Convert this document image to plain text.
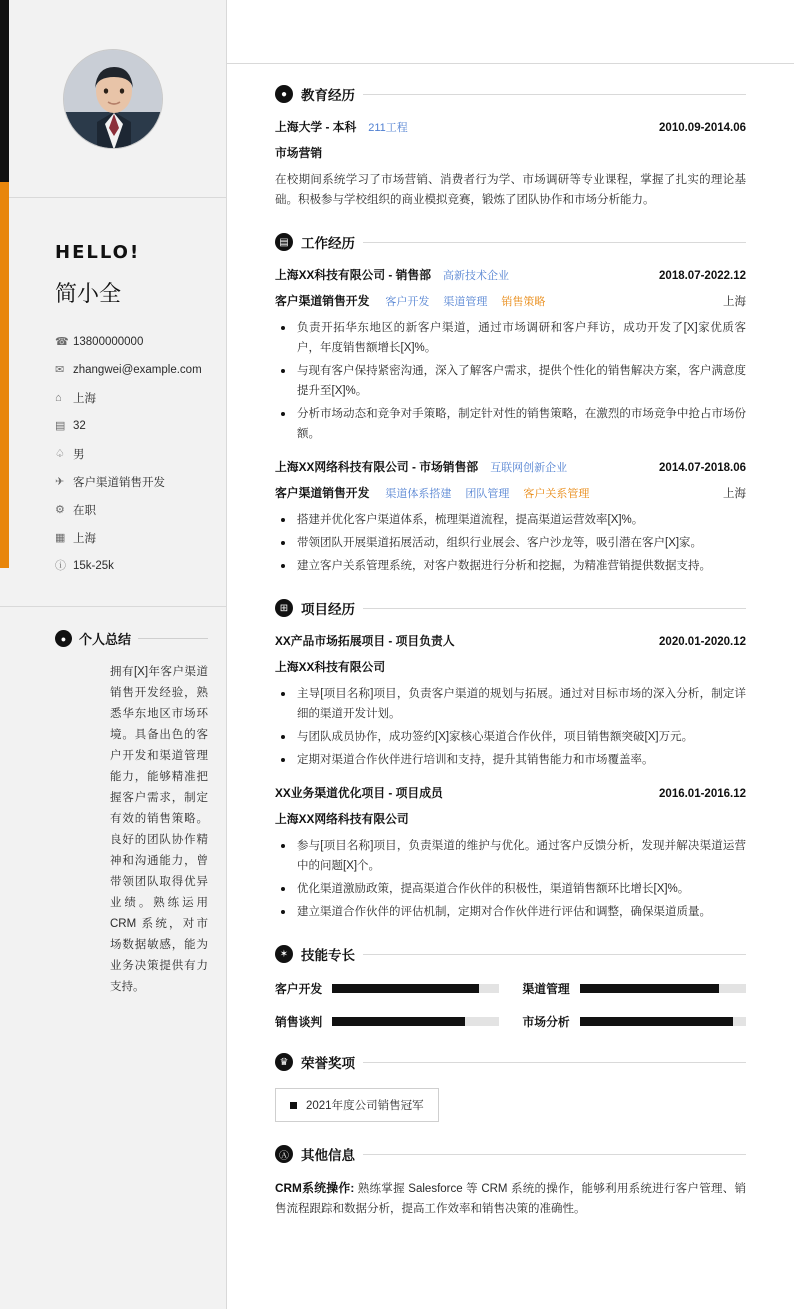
HELLO!
简小全
☎ 13800000000
✉ zhangwei@example.com
⌂ 上海
▤ 32
♤ 男
✈ 客户渠道销售开发
⚙ 在职
▦ 上海
ⓘ 15k-25k
● 个人总结
拥有[X]年客户渠道销售开发经验，熟悉华东地区市场环境。具备出色的客户开发和渠道管理能力，能够精准把握客户需求，制定有效的销售策略。良好的团队协作精神和沟通能力，曾带领团队取得优异业绩。熟练运用 CRM 系统，对市场数据敏感，能为业务决策提供有力支持。
●	教育经历
上海大学 - 本科 211工程	2010.09-2014.06
市场营销
在校期间系统学习了市场营销、消费者行为学、市场调研等专业课程，掌握了扎实的理论基础。积极参与学校组织的商业模拟竞赛，锻炼了团队协作和市场分析能力。
▤ 工作经历
上海XX科技有限公司 - 销售部 高新技术企业	2018.07-2022.12
客户渠道销售开发 客户开发 渠道管理 销售策略	上海
负责开拓华东地区的新客户渠道，通过市场调研和客户拜访，成功开发了[X]家优质客户，年度销售额增长[X]%。
与现有客户保持紧密沟通，深入了解客户需求，提供个性化的销售解决方案，客户满意度提升至[X]%。
分析市场动态和竞争对手策略，制定针对性的销售策略，在激烈的市场竞争中抢占市场份额。
上海XX网络科技有限公司 - 市场销售部 互联网创新企业	2014.07-2018.06
客户渠道销售开发 渠道体系搭建 团队管理 客户关系管理	上海
搭建并优化客户渠道体系，梳理渠道流程，提高渠道运营效率[X]%。
带领团队开展渠道拓展活动，组织行业展会、客户沙龙等，吸引潜在客户[X]家。
建立客户关系管理系统，对客户数据进行分析和挖掘，为精准营销提供数据支持。
⊞ 项目经历
XX产品市场拓展项目 - 项目负责人	2020.01-2020.12
上海XX科技有限公司
主导[项目名称]项目，负责客户渠道的规划与拓展。通过对目标市场的深入分析，制定详细的渠道开发计划。
与团队成员协作，成功签约[X]家核心渠道合作伙伴，项目销售额突破[X]万元。
定期对渠道合作伙伴进行培训和支持，提升其销售能力和市场覆盖率。
XX业务渠道优化项目 - 项目成员	2016.01-2016.12
上海XX网络科技有限公司
参与[项目名称]项目，负责渠道的维护与优化。通过客户反馈分析，发现并解决渠道运营中的问题[X]个。
优化渠道激励政策，提高渠道合作伙伴的积极性，渠道销售额环比增长[X]%。
建立渠道合作伙伴的评估机制，定期对合作伙伴进行评估和调整，确保渠道质量。
✶ 技能专长
客户开发	渠道管理
销售谈判	市场分析
♛ 荣誉奖项
2021年度公司销售冠军
Ⓐ 其他信息

CRM系统操作: 熟练掌握 Salesforce 等 CRM 系统的操作，能够利用系统进行客户管理、销售流程跟踪和数据分析，提高工作效率和销售决策的准确性。
